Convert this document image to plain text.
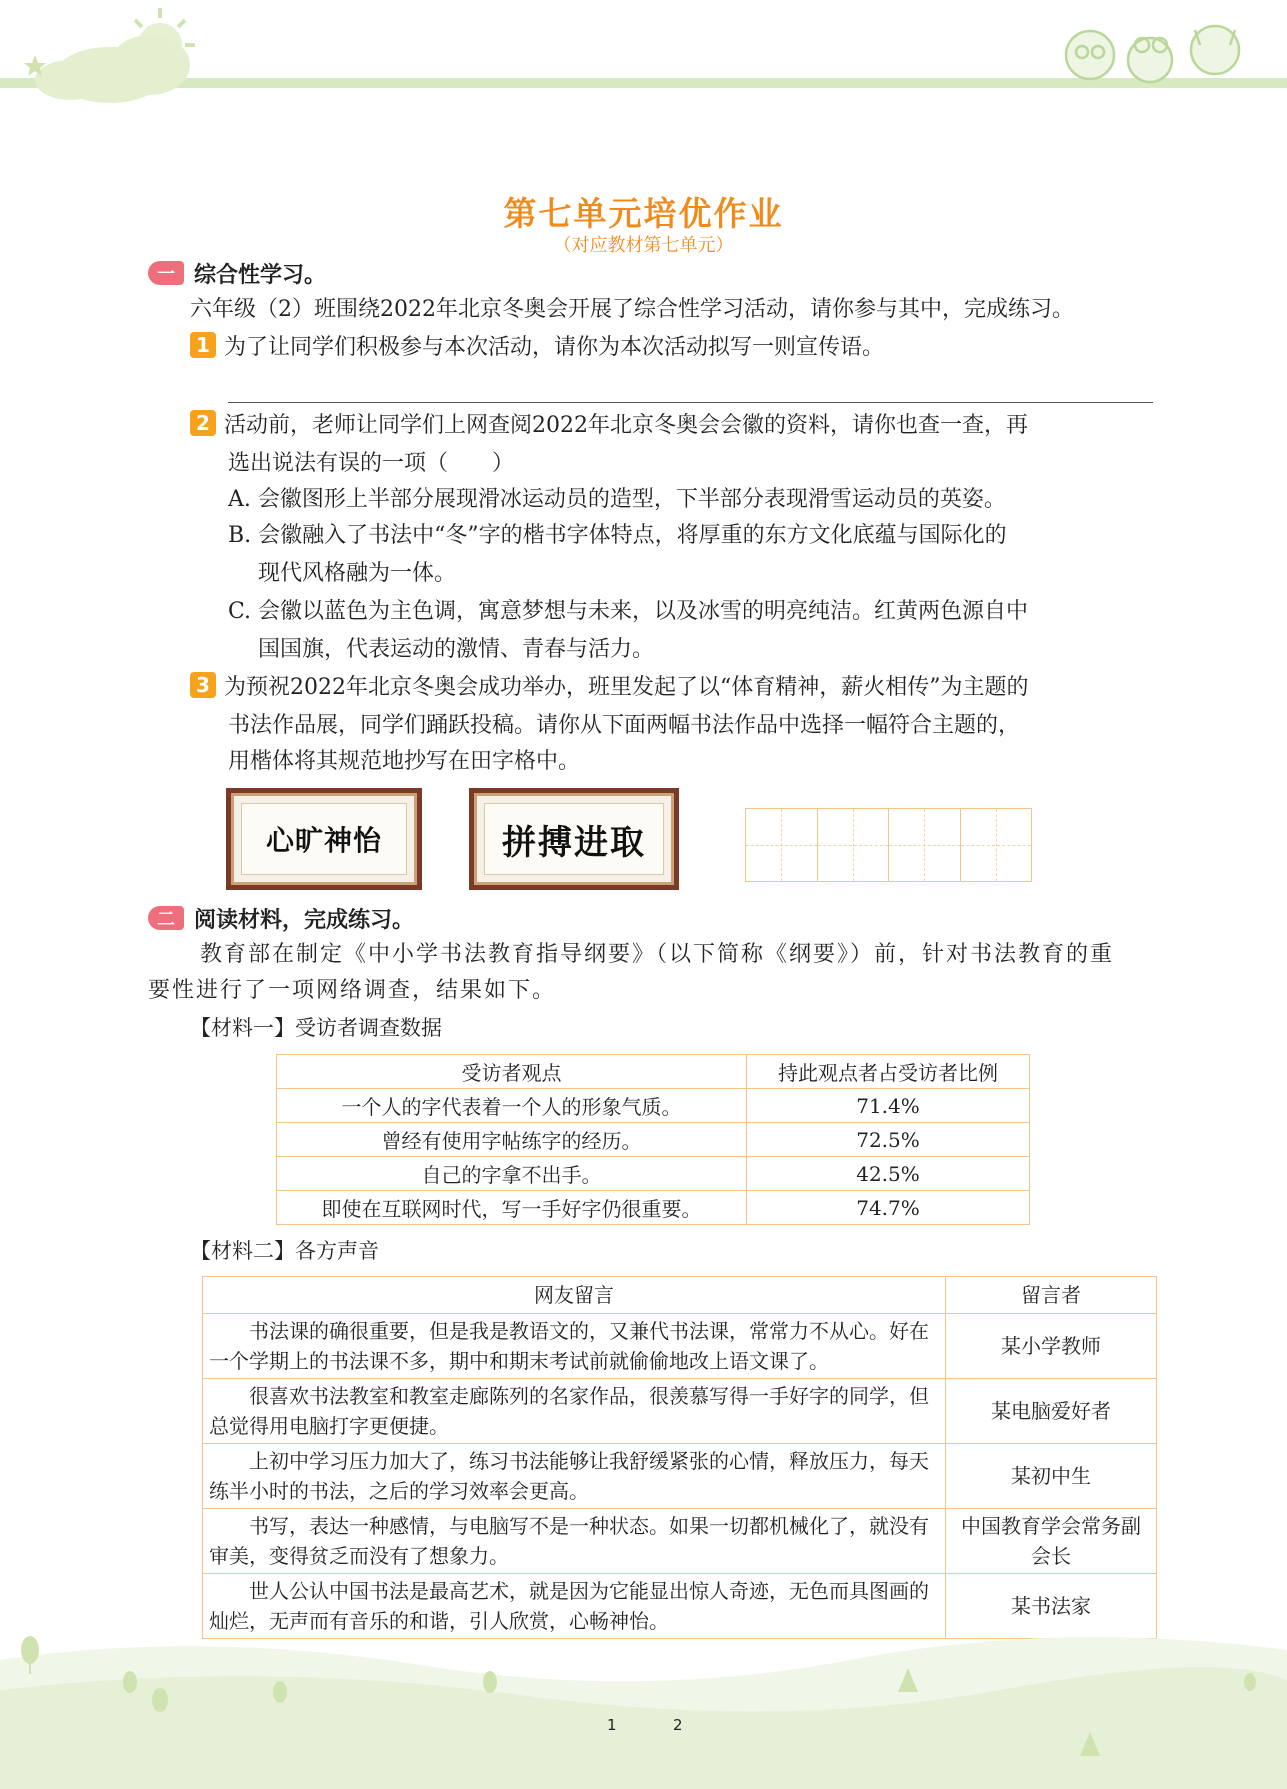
第七单元培优作业
（对应教材第七单元）
一 综合性学习。
六年级（2）班围绕2022年北京冬奥会开展了综合性学习活动，请你参与其中，完成练习。
1 为了让同学们积极参与本次活动，请你为本次活动拟写一则宣传语。
2 活动前，老师让同学们上网查阅2022年北京冬奥会会徽的资料，请你也查一查，再
选出说法有误的一项（　　）
A. 会徽图形上半部分展现滑冰运动员的造型，下半部分表现滑雪运动员的英姿。
B. 会徽融入了书法中“冬”字的楷书字体特点，将厚重的东方文化底蕴与国际化的
现代风格融为一体。
C. 会徽以蓝色为主色调，寓意梦想与未来，以及冰雪的明亮纯洁。红黄两色源自中
国国旗，代表运动的激情、青春与活力。
3 为预祝2022年北京冬奥会成功举办，班里发起了以“体育精神，薪火相传”为主题的
书法作品展，同学们踊跃投稿。请你从下面两幅书法作品中选择一幅符合主题的，
用楷体将其规范地抄写在田字格中。
心旷神怡	拼搏进取
二 阅读材料，完成练习。
教育部在制定《中小学书法教育指导纲要》（以下简称《纲要》）前，针对书法教育的重
要性进行了一项网络调查，结果如下。
【材料一】受访者调查数据
受访者观点	持此观点者占受访者比例
一个人的字代表着一个人的形象气质。	71.4%
曾经有使用字帖练字的经历。	72.5%
自己的字拿不出手。	42.5%
即使在互联网时代，写一手好字仍很重要。	74.7%
【材料二】各方声音
网友留言	留言者
书法课的确很重要，但是我是教语文的，又兼代书法课，常常力不从心。好在一个学期上的书法课不多，期中和期末考试前就偷偷地改上语文课了。	某小学教师
很喜欢书法教室和教室走廊陈列的名家作品，很羡慕写得一手好字的同学，但总觉得用电脑打字更便捷。	某电脑爱好者
上初中学习压力加大了，练习书法能够让我舒缓紧张的心情，释放压力，每天练半小时的书法，之后的学习效率会更高。	某初中生
书写，表达一种感情，与电脑写不是一种状态。如果一切都机械化了，就没有审美，变得贫乏而没有了想象力。	中国教育学会常务副会长
世人公认中国书法是最高艺术，就是因为它能显出惊人奇迹，无色而具图画的灿烂，无声而有音乐的和谐，引人欣赏，心畅神怡。	某书法家
1	2
